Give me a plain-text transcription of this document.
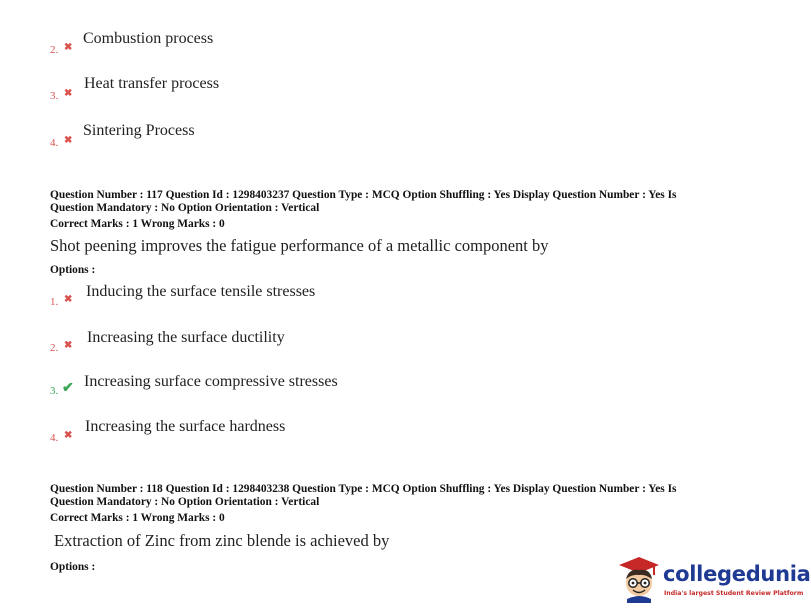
2. ✖
Combustion process
3. ✖
Heat transfer process
4. ✖
Sintering Process
Question Number : 117 Question Id : 1298403237 Question Type : MCQ Option Shuffling : Yes Display Question Number : Yes Is
Question Mandatory : No Option Orientation : Vertical
Correct Marks : 1 Wrong Marks : 0
Shot peening improves the fatigue performance of a metallic component by
Options :
1. ✖ Inducing the surface tensile stresses
2. ✖ Increasing the surface ductility
3. ✔ Increasing surface compressive stresses
4. ✖
Increasing the surface hardness
Question Number : 118 Question Id : 1298403238 Question Type : MCQ Option Shuffling : Yes Display Question Number : Yes Is
Question Mandatory : No Option Orientation : Vertical
Correct Marks : 1 Wrong Marks : 0
Extraction of Zinc from zinc blende is achieved by
Options :	collegedunia
India's largest Student Review Platform
